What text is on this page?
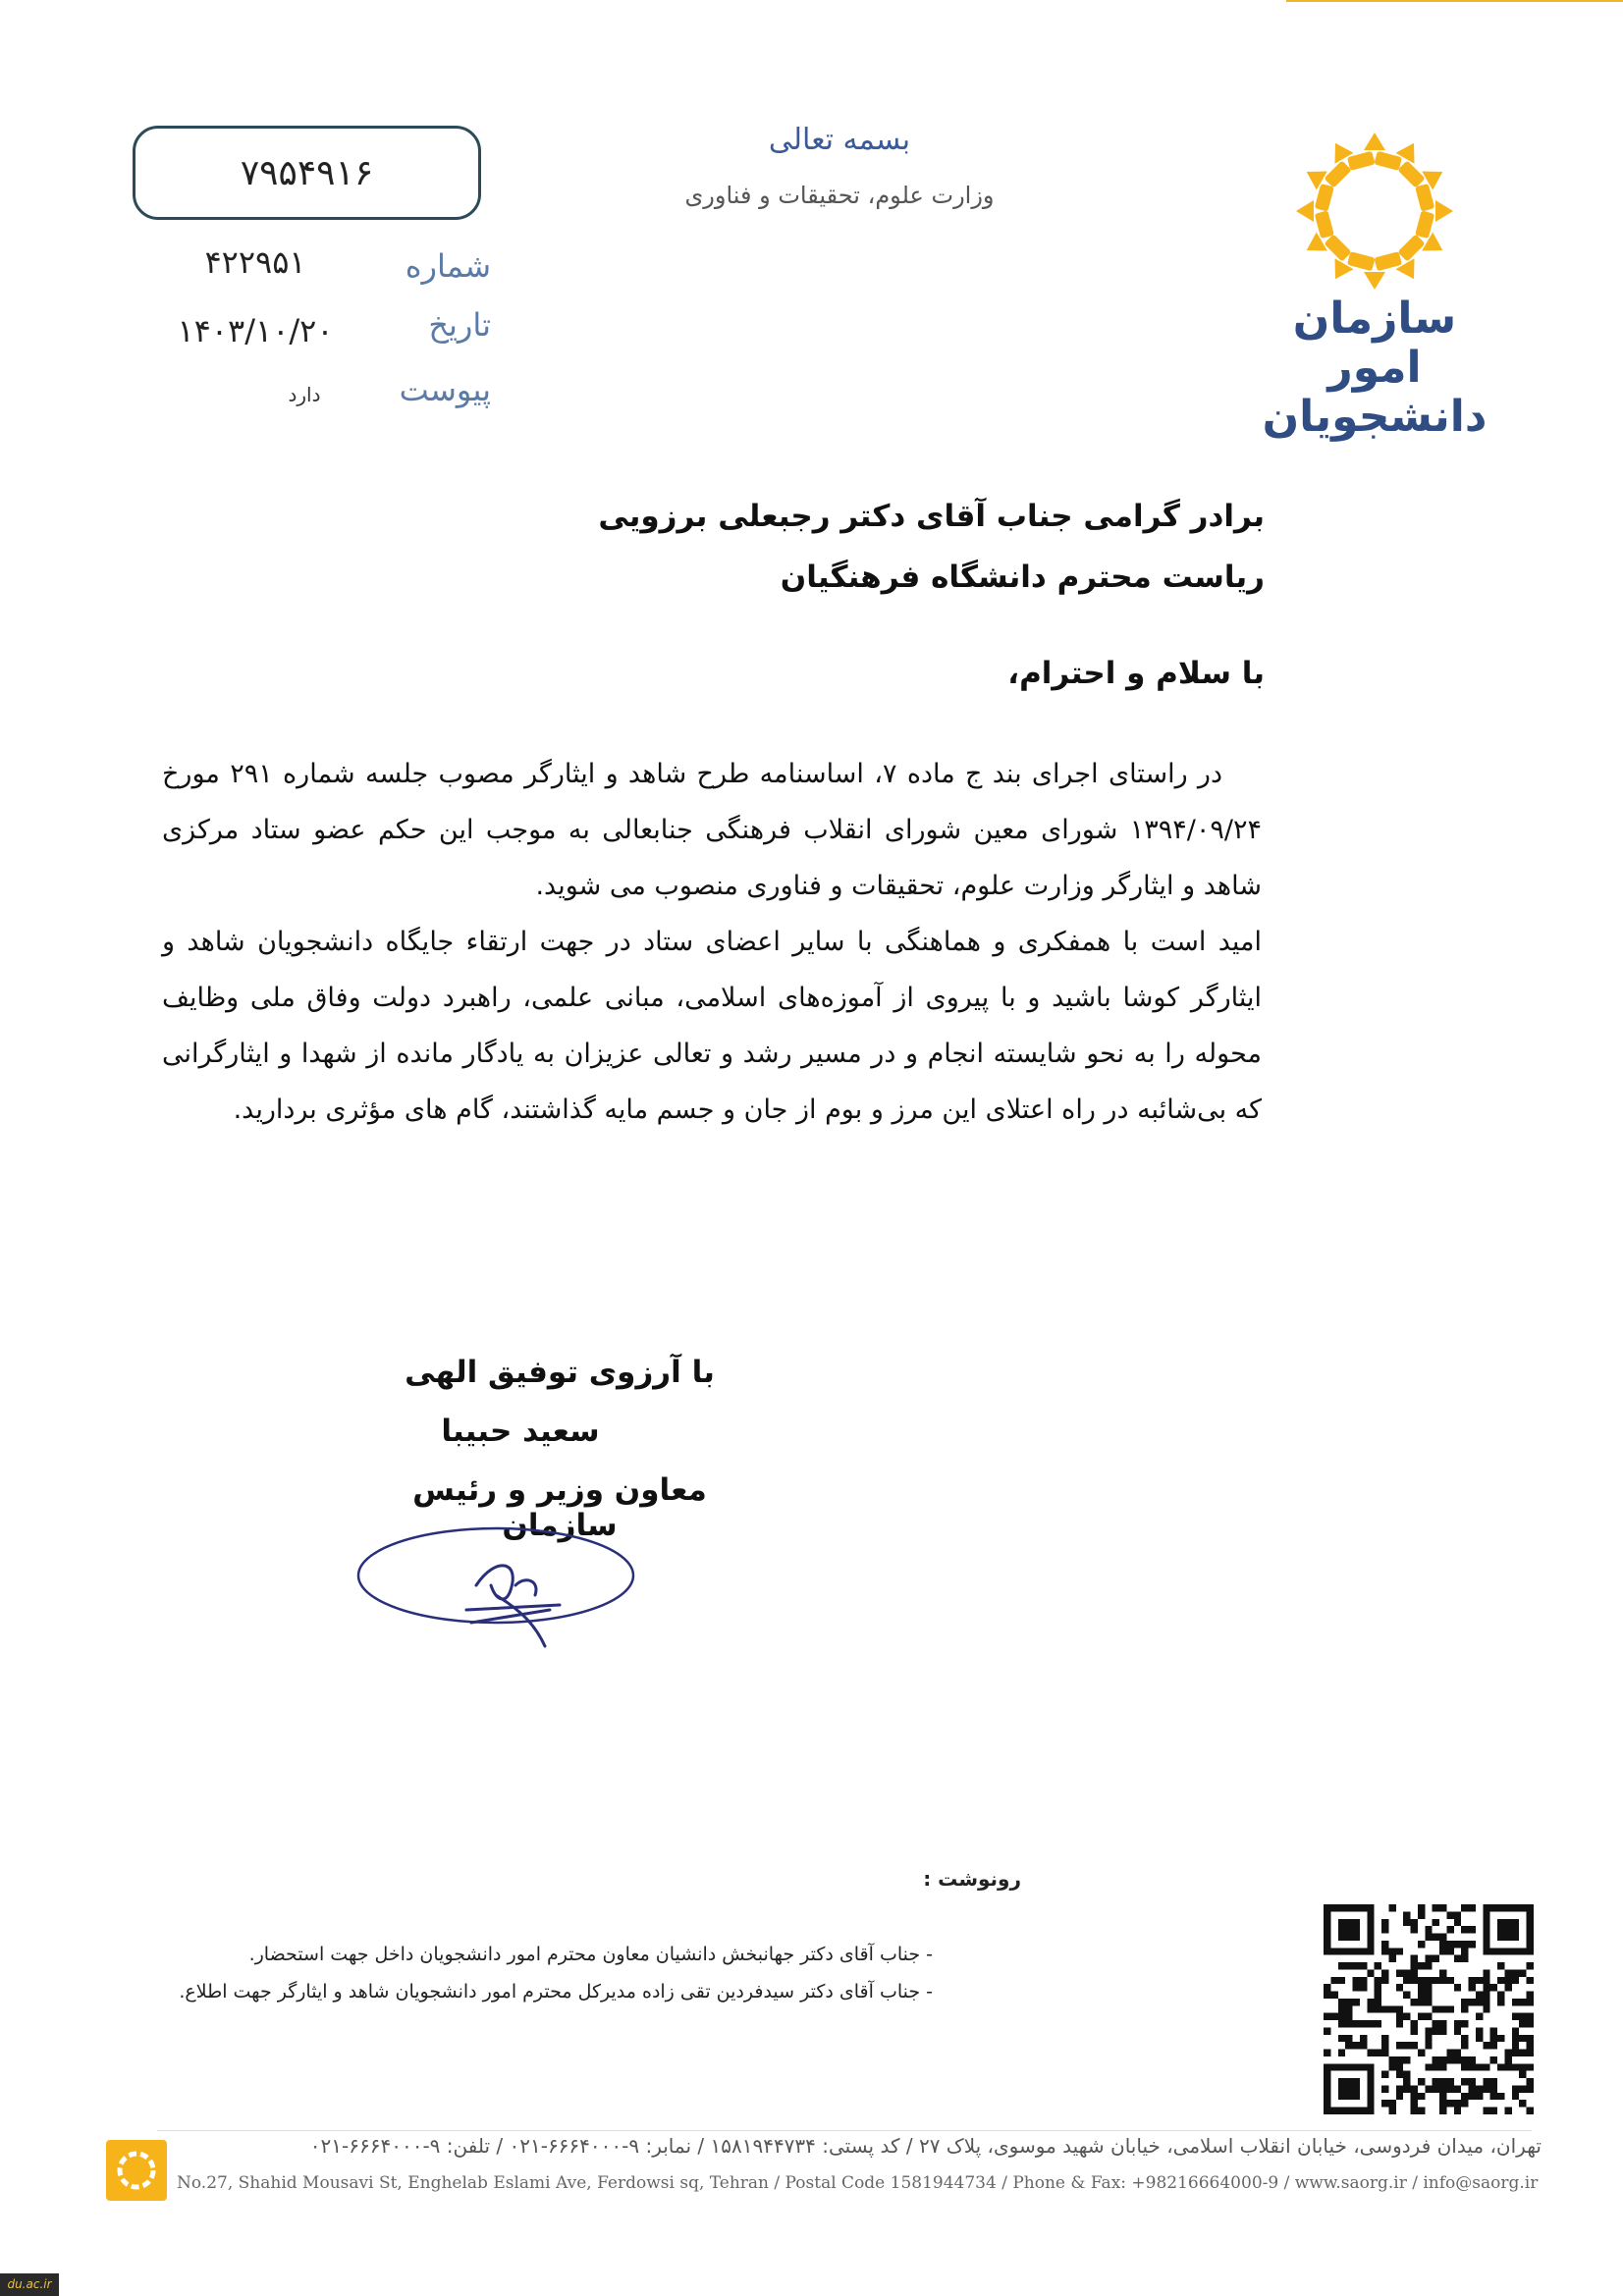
سازمان امور
دانشجویان
بسمه تعالی
وزارت علوم، تحقیقات و فناوری
۷۹۵۴۹۱۶
شماره
۴۲۲۹۵۱
تاریخ
۱۴۰۳/۱۰/۲۰
پیوست
دارد
برادر گرامی جناب آقای دکتر رجبعلی برزویی
ریاست محترم دانشگاه فرهنگیان
با سلام و احترام،

در راستای اجرای بند ج ماده ۷، اساسنامه طرح شاهد و ایثارگر مصوب جلسه شماره ۲۹۱ مورخ ۱۳۹۴/۰۹/۲۴ شورای معین شورای انقلاب فرهنگی جنابعالی به موجب این حکم عضو ستاد مرکزی شاهد و ایثارگر وزارت علوم، تحقیقات و فناوری منصوب می شوید.

امید است با همفکری و هماهنگی با سایر اعضای ستاد در جهت ارتقاء جایگاه دانشجویان شاهد و ایثارگر کوشا باشید و با پیروی از آموزه‌های اسلامی، مبانی علمی، راهبرد دولت وفاق ملی وظایف محوله را به نحو شایسته انجام و در مسیر رشد و تعالی عزیزان به یادگار مانده از شهدا و ایثارگرانی که بی‌شائبه در راه اعتلای این مرز و بوم از جان و جسم مایه گذاشتند، گام های مؤثری بردارید.

با آرزوی توفیق الهی
سعید حبیبا
معاون وزیر و رئیس سازمان
رونوشت :
- جناب آقای دکتر جهانبخش دانشیان معاون محترم امور دانشجویان داخل جهت استحضار.
- جناب آقای دکتر سیدفردین تقی زاده مدیرکل محترم امور دانشجویان شاهد و ایثارگر جهت اطلاع.
تهران، میدان فردوسی، خیابان انقلاب اسلامی، خیابان شهید موسوی، پلاک ۲۷ / کد پستی: ۱۵۸۱۹۴۴۷۳۴ / نمابر: ۹-۶۶۶۴۰۰۰-۰۲۱ / تلفن: ۹-۶۶۶۴۰۰۰-۰۲۱
No.27, Shahid Mousavi St, Enghelab Eslami Ave, Ferdowsi sq, Tehran / Postal Code 1581944734 / Phone & Fax: +98216664000-9 / www.saorg.ir / info@saorg.ir
du.ac.ir
